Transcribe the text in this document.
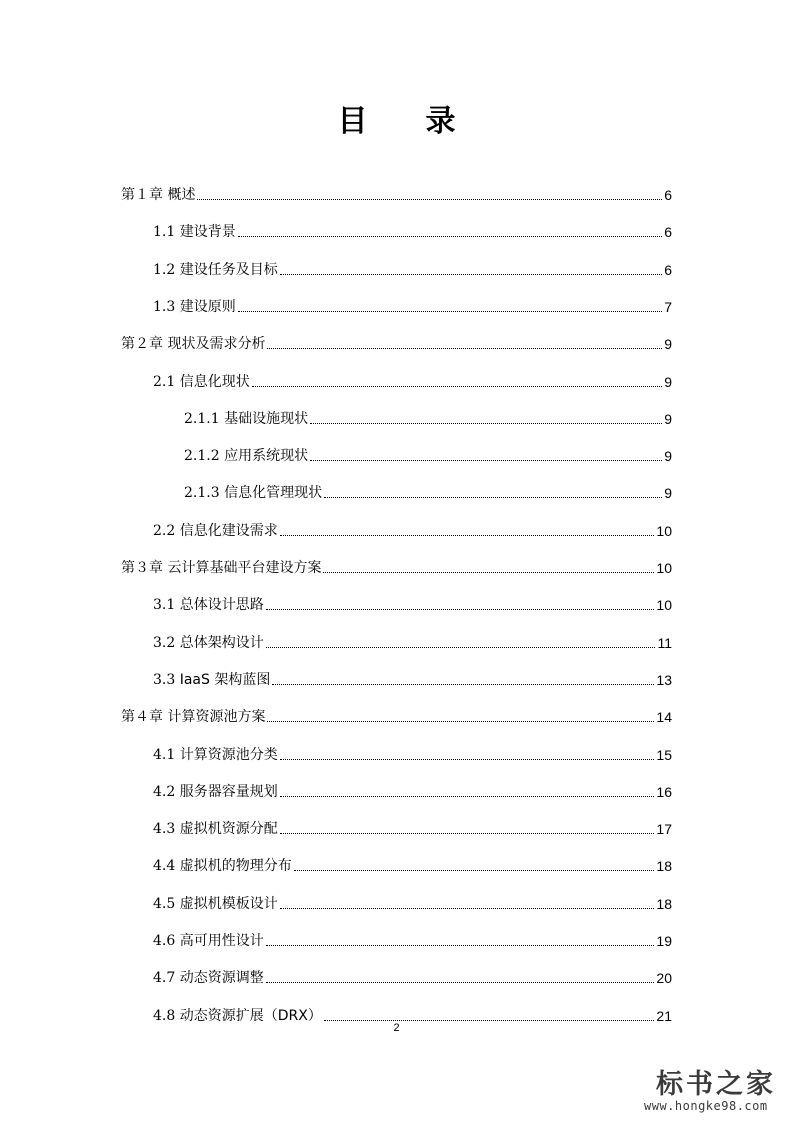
目录
第１章 概述	6
1.1 建设背景	6
1.2 建设任务及目标	6
1.3 建设原则	7
第２章 现状及需求分析	9
2.1 信息化现状	9
2.1.1 基础设施现状	9
2.1.2 应用系统现状	9
2.1.3 信息化管理现状	9
2.2 信息化建设需求	10
第３章 云计算基础平台建设方案	10
3.1 总体设计思路	10
3.2 总体架构设计	11
3.3 IaaS 架构蓝图	13
第４章 计算资源池方案	14
4.1 计算资源池分类	15
4.2 服务器容量规划	16
4.3 虚拟机资源分配	17
4.4 虚拟机的物理分布	18
4.5 虚拟机模板设计	18
4.6 高可用性设计	19
4.7 动态资源调整	20
4.8 动态资源扩展（DRX）	21
2
标书之家
www.hongke98.com
